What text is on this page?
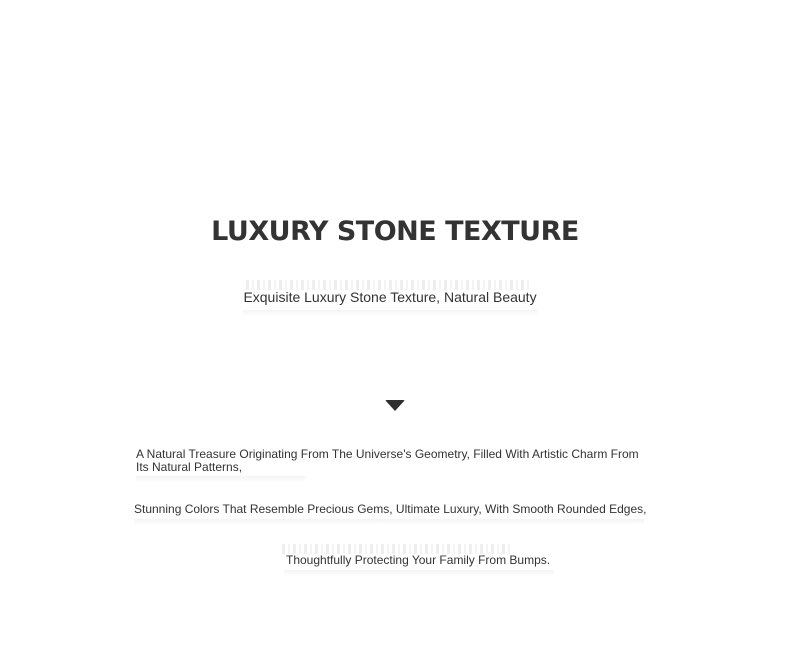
LUXURY STONE TEXTURE
Exquisite Luxury Stone Texture, Natural Beauty
A Natural Treasure Originating From The Universe's Geometry, Filled With Artistic Charm From Its Natural Patterns,
Stunning Colors That Resemble Precious Gems, Ultimate Luxury, With Smooth Rounded Edges,
Thoughtfully Protecting Your Family From Bumps.
